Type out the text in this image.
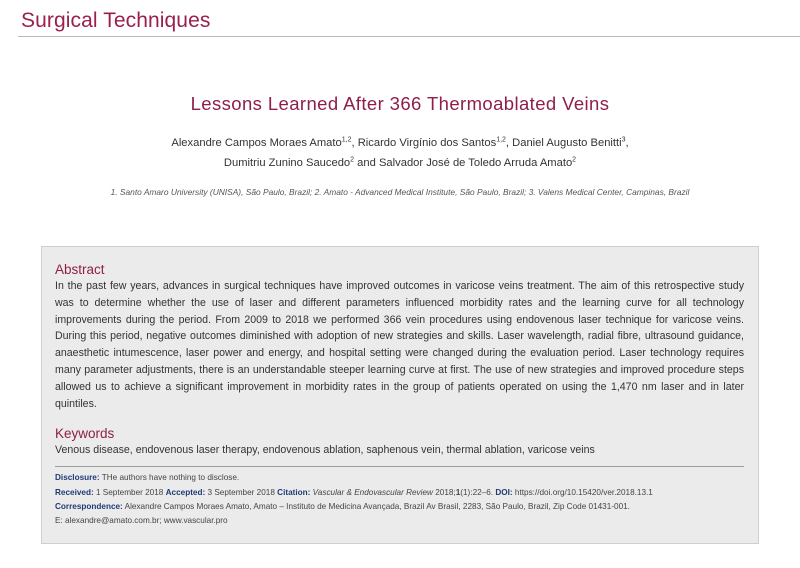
Surgical Techniques
Lessons Learned After 366 Thermoablated Veins
Alexandre Campos Moraes Amato$^{1,2}$, Ricardo Virgínio dos Santos$^{1,2}$, Daniel Augusto Benitti$^3$,
Dumitriu Zunino Saucedo$^2$ and Salvador José de Toledo Arruda Amato$^2$
1. Santo Amaro University (UNISA), São Paulo, Brazil; 2. Amato - Advanced Medical Institute, São Paulo, Brazil; 3. Valens Medical Center, Campinas, Brazil
Abstract
In the past few years, advances in surgical techniques have improved outcomes in varicose veins treatment. The aim of this retrospective study was to determine whether the use of laser and different parameters influenced morbidity rates and the learning curve for all technology improvements during the period. From 2009 to 2018 we performed 366 vein procedures using endovenous laser technique for varicose veins. During this period, negative outcomes diminished with adoption of new strategies and skills. Laser wavelength, radial fibre, ultrasound guidance, anaesthetic intumescence, laser power and energy, and hospital setting were changed during the evaluation period. Laser technology requires many parameter adjustments, there is an understandable steeper learning curve at first. The use of new strategies and improved procedure steps allowed us to achieve a significant improvement in morbidity rates in the group of patients operated on using the 1,470 nm laser and in later quintiles.
Keywords
Venous disease, endovenous laser therapy, endovenous ablation, saphenous vein, thermal ablation, varicose veins
Disclosure: THe authors have nothing to disclose.
Received: 1 September 2018 Accepted: 3 September 2018 Citation: Vascular & Endovascular Review 2018;1(1):22–6. DOI: https://doi.org/10.15420/ver.2018.13.1
Correspondence: Alexandre Campos Moraes Amato, Amato – Instituto de Medicina Avançada, Brazil Av Brasil, 2283, São Paulo, Brazil, Zip Code 01431-001.
E: alexandre@amato.com.br; www.vascular.pro
